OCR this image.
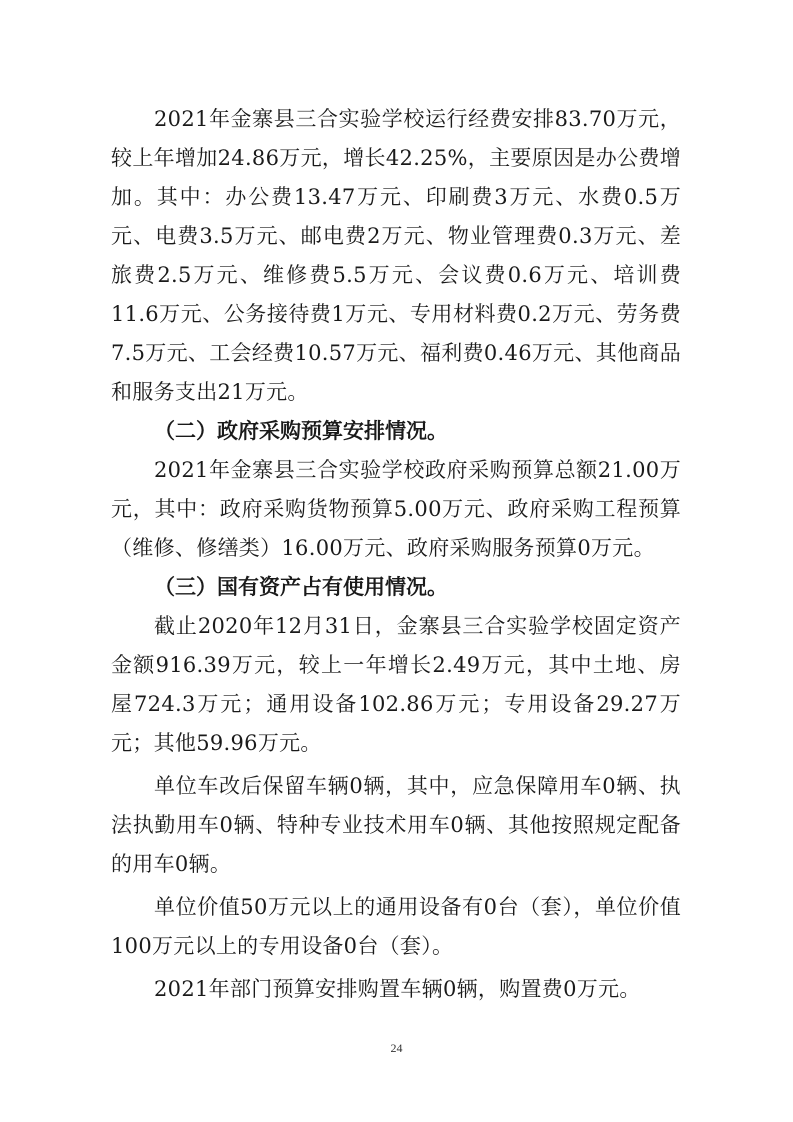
2021年金寨县三合实验学校运行经费安排83.70万元，较上年增加24.86万元，增长42.25%，主要原因是办公费增加。其中：办公费13.47万元、印刷费3万元、水费0.5万元、电费3.5万元、邮电费2万元、物业管理费0.3万元、差旅费2.5万元、维修费5.5万元、会议费0.6万元、培训费11.6万元、公务接待费1万元、专用材料费0.2万元、劳务费7.5万元、工会经费10.57万元、福利费0.46万元、其他商品和服务支出21万元。

（二）政府采购预算安排情况。

2021年金寨县三合实验学校政府采购预算总额21.00万元，其中：政府采购货物预算5.00万元、政府采购工程预算（维修、修缮类）16.00万元、政府采购服务预算0万元。

（三）国有资产占有使用情况。

截止2020年12月31日，金寨县三合实验学校固定资产金额916.39万元，较上一年增长2.49万元，其中土地、房屋724.3万元；通用设备102.86万元；专用设备29.27万元；其他59.96万元。

单位车改后保留车辆0辆，其中，应急保障用车0辆、执法执勤用车0辆、特种专业技术用车0辆、其他按照规定配备的用车0辆。

单位价值50万元以上的通用设备有0台（套），单位价值100万元以上的专用设备0台（套）。

2021年部门预算安排购置车辆0辆，购置费0万元。

24
